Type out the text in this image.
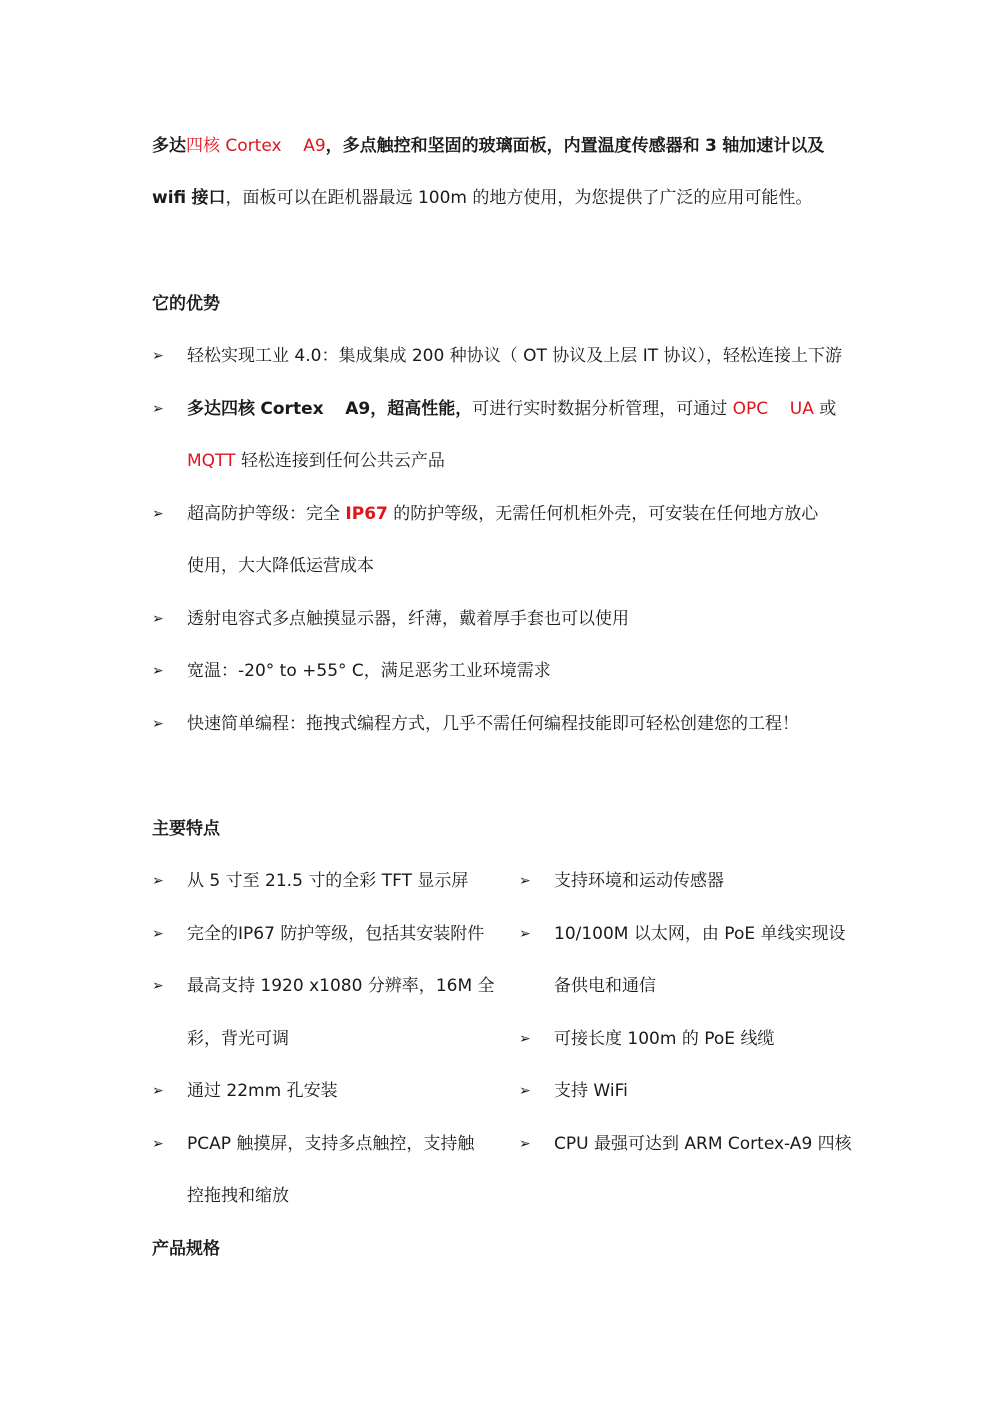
多达四核 Cortex A9，多点触控和坚固的玻璃面板，内置温度传感器和 3 轴加速计以及
wifi 接口，面板可以在距机器最远 100m 的地方使用，为您提供了广泛的应用可能性。
它的优势
➢ 轻松实现工业 4.0：集成集成 200 种协议（ OT 协议及上层 IT 协议），轻松连接上下游
➢ 多达四核 Cortex A9，超高性能，可进行实时数据分析管理，可通过 OPC UA 或
MQTT 轻松连接到任何公共云产品
➢ 超高防护等级：完全 IP67 的防护等级，无需任何机柜外壳，可安装在任何地方放心
使用，大大降低运营成本
➢ 透射电容式多点触摸显示器，纤薄，戴着厚手套也可以使用
➢ 宽温：-20° to +55° C，满足恶劣工业环境需求
➢ 快速简单编程：拖拽式编程方式，几乎不需任何编程技能即可轻松创建您的工程！
主要特点
➢ 从 5 寸至 21.5 寸的全彩 TFT 显示屏
➢ 完全的IP67 防护等级，包括其安装附件
➢ 最高支持 1920 x1080 分辨率，16M 全
彩，背光可调
➢ 通过 22mm 孔安装
➢ PCAP 触摸屏，支持多点触控，支持触
控拖拽和缩放
➢ 支持环境和运动传感器
➢ 10/100M 以太网，由 PoE 单线实现设
备供电和通信
➢ 可接长度 100m 的 PoE 线缆
➢ 支持 WiFi
➢ CPU 最强可达到 ARM Cortex-A9 四核
产品规格
